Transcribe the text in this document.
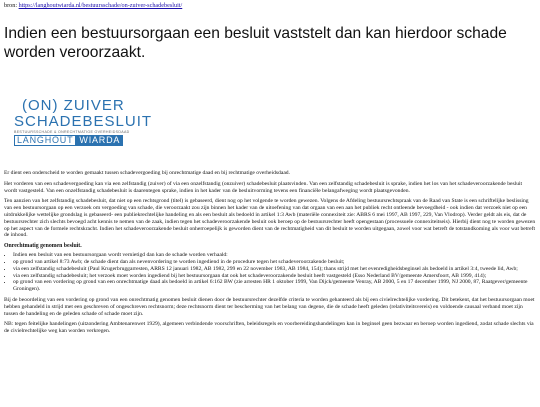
bron: https://langhoutwiarda.nl/bestuursschade/on-zuiver-schadebesluit/
Indien een bestuursorgaan een besluit vaststelt dan kan hierdoor schade worden veroorzaakt.
(ON) ZUIVER
SCHADEBESLUIT
BESTUURSSCHADE & ONRECHTMATIGE OVERHEIDSDAAD
LANGHOUT WIARDA

Er dient een onderscheid te worden gemaakt tussen schadevergoeding bij onrechtmatige daad en bij rechtmatige overheidsdaad.

Het vorderen van een schadevergoeding kan via een zelfstandig (zuiver) of via een onzelfstandig (onzuiver) schadebesluit plaatsvinden. Van een zelfstandig schadebesluit is sprake, indien het los van het schadeveroorzakende besluit wordt vastgesteld. Van een onzelfstandig schadebesluit is daarentegen sprake, indien in het kader van de besluitvorming tevens een financiële belangafweging wordt plaatsgevonden.

Ten aanzien van het zelfstandig schadebesluit, dat niet op een rechtsgrond (titel) is gebaseerd, dient nog op het volgende te worden gewezen. Volgens de Afdeling bestuursrechtspraak van de Raad van State is een schriftelijke beslissing van een bestuursorgaan op een verzoek om vergoeding van schade, die veroorzaakt zou zijn binnen het kader van de uitoefening van dat orgaan van een aan het publiek recht ontleende bevoegdheid - ook indien dat verzoek niet op een uitdrukkelijke wettelijke grondslag is gebaseerd- een publiekrechtelijke handeling en als een besluit als bedoeld in artikel 1:3 Awb (materiële connexiteit zie: ABRS 6 mei 1997, AB 1997, 229, Van Vlodrop). Verder geldt als eis, dat de bestuursrechter zich slechts bevoegd acht kennis te nemen van de zaak, indien tegen het schadeveroorzakende besluit ook beroep op de bestuursrechter heeft opengestaan (processuele connexiteitseis). Hierbij dient nog te worden gewezen op het aspect van de formele rechtskracht. Indien het schadeveroorzakende besluit onherroepelijk is geworden dient van de rechtmatigheid van dit besluit te worden uitgegaan, zowel voor wat betreft de totstandkoming als voor wat betreft de inhoud.

Onrechtmatig genomen besluit.
• Indien een besluit van een bestuursorgaan wordt vernietigd dan kan de schade worden verhaald:
• op grond van artikel 8:73 Awb; de schade dient dan als nevenvordering te worden ingediend in de procedure tegen het schadeveroorzakende besluit;
• via een zelfstandig schadebesluit (Paul Krugerbruggarresten, ARRS 12 januari 1982, AB 1982, 299 en 22 november 1983, AB 1984, 154); thans strijd met het evenredigheidsbeginsel als bedoeld in artikel 3:4, tweede lid, Awb;
• via een zelfstandig schadebesluit; het verzoek moet worden ingediend bij het bestuursorgaan dat ook het schadeveroorzakende besluit heeft vastgesteld (Esso Nederland BV/gemeente Amersfoort, AB 1999, 414);
• op grond van een vordering op grond van een onrechtmatige daad als bedoeld in artikel 6:162 BW (zie arresten HR 1 oktober 1999, Van Dijck/gemeente Venray, AB 2000, 5 en 17 december 1999, NJ 2000, 87, Raatgever/gemeente Groningen).

Bij de beoordeling van een vordering op grond van een onrechtmatig genomen besluit dienen door de bestuursrechter dezelfde criteria te worden gehanteerd als bij een civielrechtelijke vordering. Dit betekent, dat het bestuursorgaan moet hebben gehandeld in strijd met een geschreven of ongeschreven rechtsnorm; deze rechtsnorm dient ter bescherming van het belang van degene, die de schade heeft geleden (relativiteitsvereis) en voldoende causaal verband moet zijn tussen de handeling en de geleden schade of schade moet zijn.

NB: tegen feitelijke handelingen (uitzondering Ambtenarenwet 1929), algemeen verbindende voorschriften, beleidsregels en voorbereidingshandelingen kan in beginsel geen bezwaar en beroep worden ingediend, zodat schade slechts via de civielrechtelijke weg kan worden verkregen.
